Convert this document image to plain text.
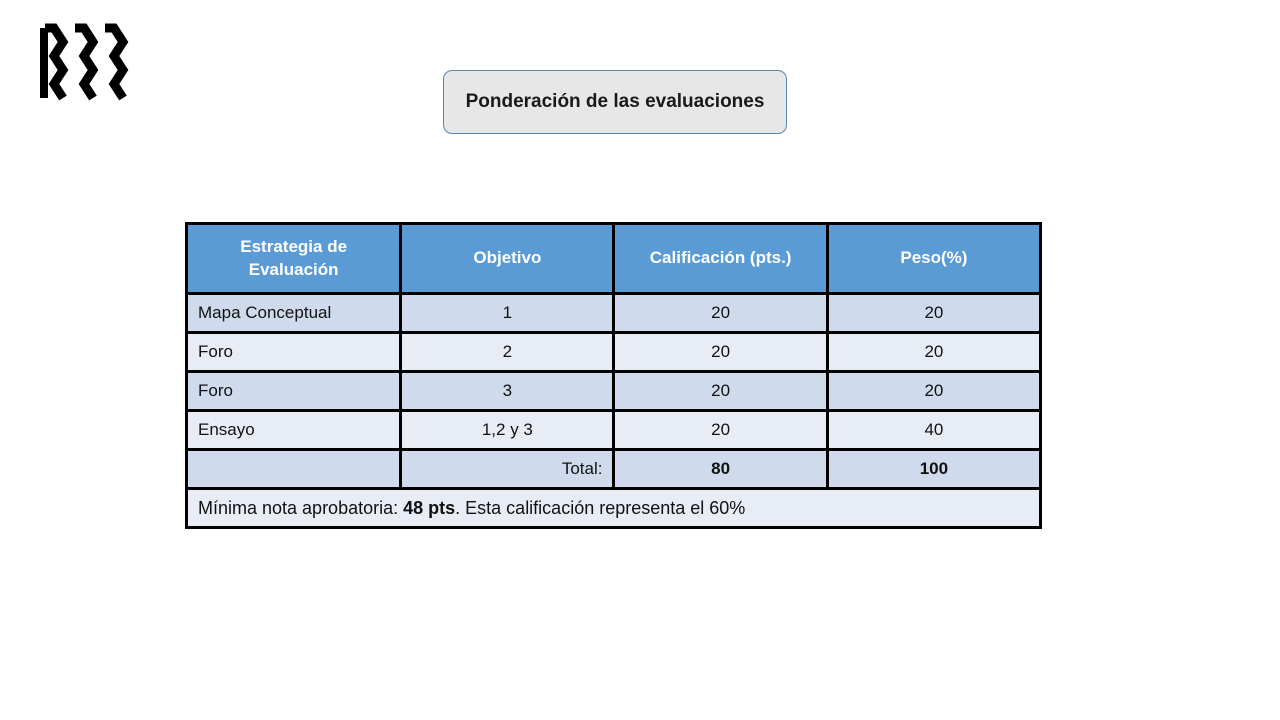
Ponderación de las evaluaciones
Estrategia de Evaluación	Objetivo	Calificación (pts.)	Peso(%)
Mapa Conceptual	1	20	20
Foro	2	20	20
Foro	3	20	20
Ensayo	1,2 y 3	20	40
	Total:	80	100
Mínima nota aprobatoria: 48 pts. Esta calificación representa el 60%			
